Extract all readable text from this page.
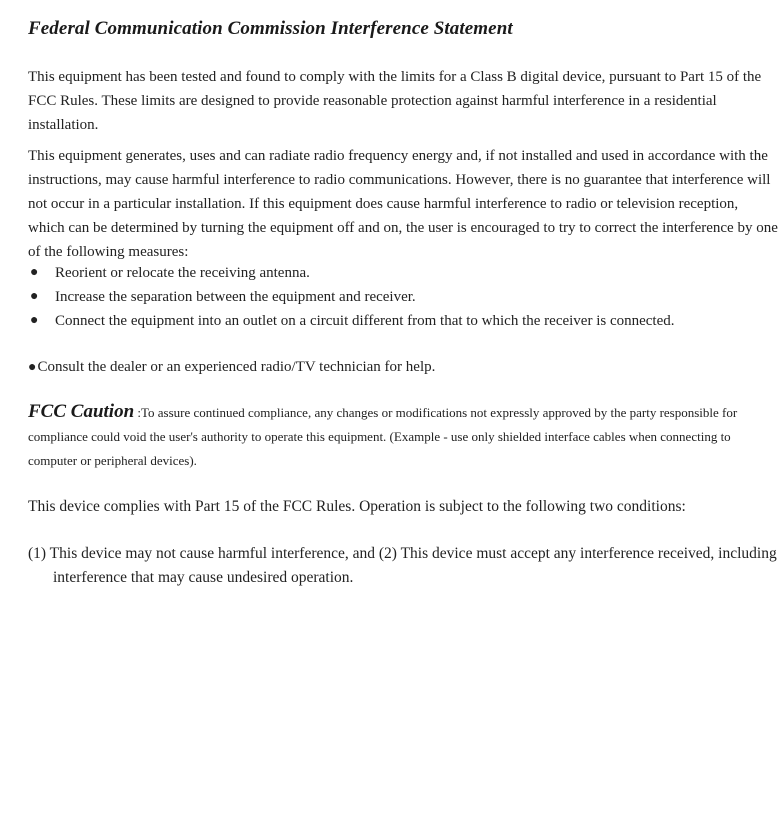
Federal Communication Commission Interference Statement

This equipment has been tested and found to comply with the limits for a Class B digital device, pursuant to Part 15 of the FCC Rules. These limits are designed to provide reasonable protection against harmful interference in a residential installation.

This equipment generates, uses and can radiate radio frequency energy and, if not installed and used in accordance with the instructions, may cause harmful interference to radio communications. However, there is no guarantee that interference will not occur in a particular installation. If this equipment does cause harmful interference to radio or television reception, which can be determined by turning the equipment off and on, the user is encouraged to try to correct the interference by one of the following measures:

● Reorient or relocate the receiving antenna.
● Increase the separation between the equipment and receiver.
● Connect the equipment into an outlet on a circuit different from that to which the receiver is connected.
●Consult the dealer or an experienced radio/TV technician for help.

FCC Caution :To assure continued compliance, any changes or modifications not expressly approved by the party responsible for compliance could void the user's authority to operate this equipment. (Example - use only shielded interface cables when connecting to computer or peripheral devices).

This device complies with Part 15 of the FCC Rules. Operation is subject to the following two conditions:

(1) This device may not cause harmful interference, and (2) This device must accept any interference received, including interference that may cause undesired operation.
